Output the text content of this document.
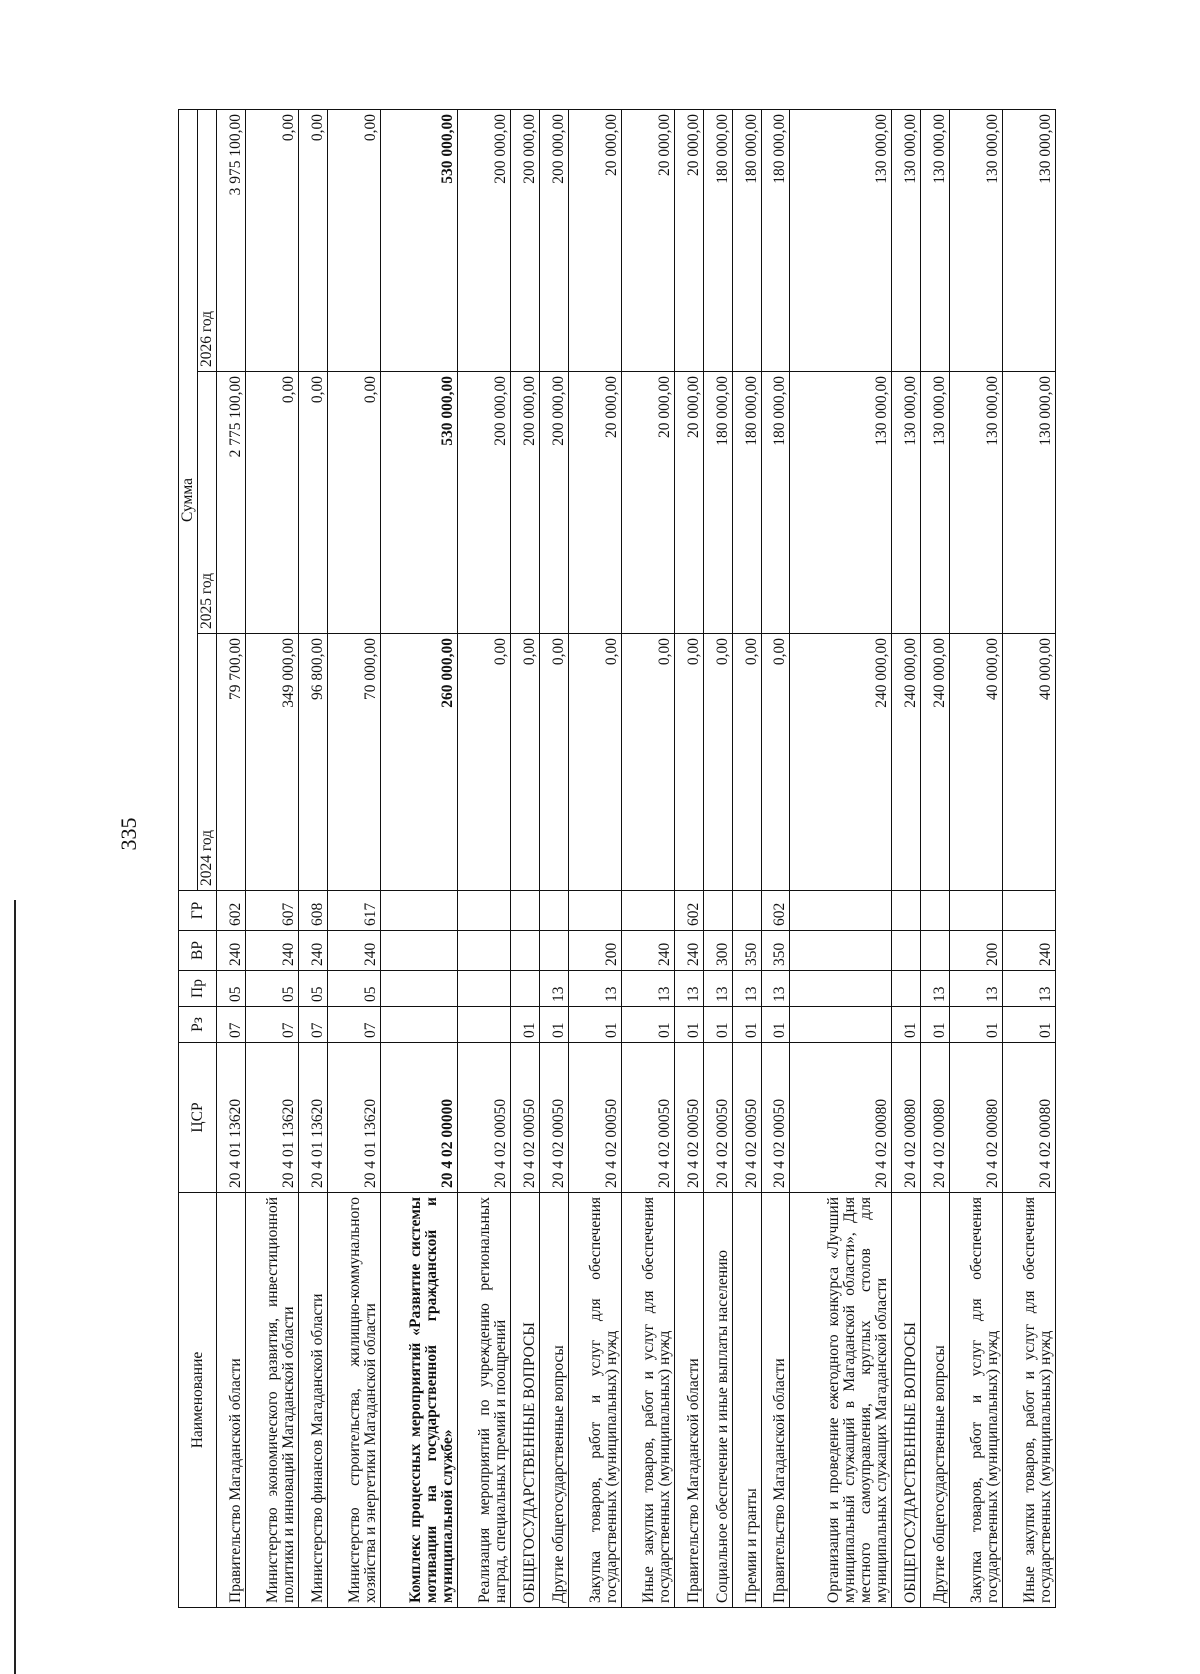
335
Наименование	ЦСР	Рз	Пр	ВР	ГР	Сумма		
						2024 год	2025 год	2026 год
Правительство Магаданской области	20 4 01 13620	07	05	240	602	79 700,00	2 775 100,00	3 975 100,00
Министерство экономического развития, инвестиционной политики и инноваций Магаданской области	20 4 01 13620	07	05	240	607	349 000,00	0,00	0,00
Министерство финансов Магаданской области	20 4 01 13620	07	05	240	608	96 800,00	0,00	0,00
Министерство строительства, жилищно-коммунального хозяйства и энергетики Магаданской области	20 4 01 13620	07	05	240	617	70 000,00	0,00	0,00
Комплекс процессных мероприятий «Развитие системы мотивации на государственной гражданской и муниципальной службе»	20 4 02 00000					260 000,00	530 000,00	530 000,00
Реализация мероприятий по учреждению региональных наград, специальных премий и поощрений	20 4 02 00050					0,00	200 000,00	200 000,00
ОБЩЕГОСУДАРСТВЕННЫЕ ВОПРОСЫ	20 4 02 00050	01				0,00	200 000,00	200 000,00
Другие общегосударственные вопросы	20 4 02 00050	01	13			0,00	200 000,00	200 000,00
Закупка товаров, работ и услуг для обеспечения государственных (муниципальных) нужд	20 4 02 00050	01	13	200		0,00	20 000,00	20 000,00
Иные закупки товаров, работ и услуг для обеспечения государственных (муниципальных) нужд	20 4 02 00050	01	13	240		0,00	20 000,00	20 000,00
Правительство Магаданской области	20 4 02 00050	01	13	240	602	0,00	20 000,00	20 000,00
Социальное обеспечение и иные выплаты населению	20 4 02 00050	01	13	300		0,00	180 000,00	180 000,00
Премии и гранты	20 4 02 00050	01	13	350		0,00	180 000,00	180 000,00
Правительство Магаданской области	20 4 02 00050	01	13	350	602	0,00	180 000,00	180 000,00
Организация и проведение ежегодного конкурса «Лучший муниципальный служащий в Магаданской области», Дня местного самоуправления, круглых столов для муниципальных служащих Магаданской области	20 4 02 00080					240 000,00	130 000,00	130 000,00
ОБЩЕГОСУДАРСТВЕННЫЕ ВОПРОСЫ	20 4 02 00080	01				240 000,00	130 000,00	130 000,00
Другие общегосударственные вопросы	20 4 02 00080	01	13			240 000,00	130 000,00	130 000,00
Закупка товаров, работ и услуг для обеспечения государственных (муниципальных) нужд	20 4 02 00080	01	13	200		40 000,00	130 000,00	130 000,00
Иные закупки товаров, работ и услуг для обеспечения государственных (муниципальных) нужд	20 4 02 00080	01	13	240		40 000,00	130 000,00	130 000,00
